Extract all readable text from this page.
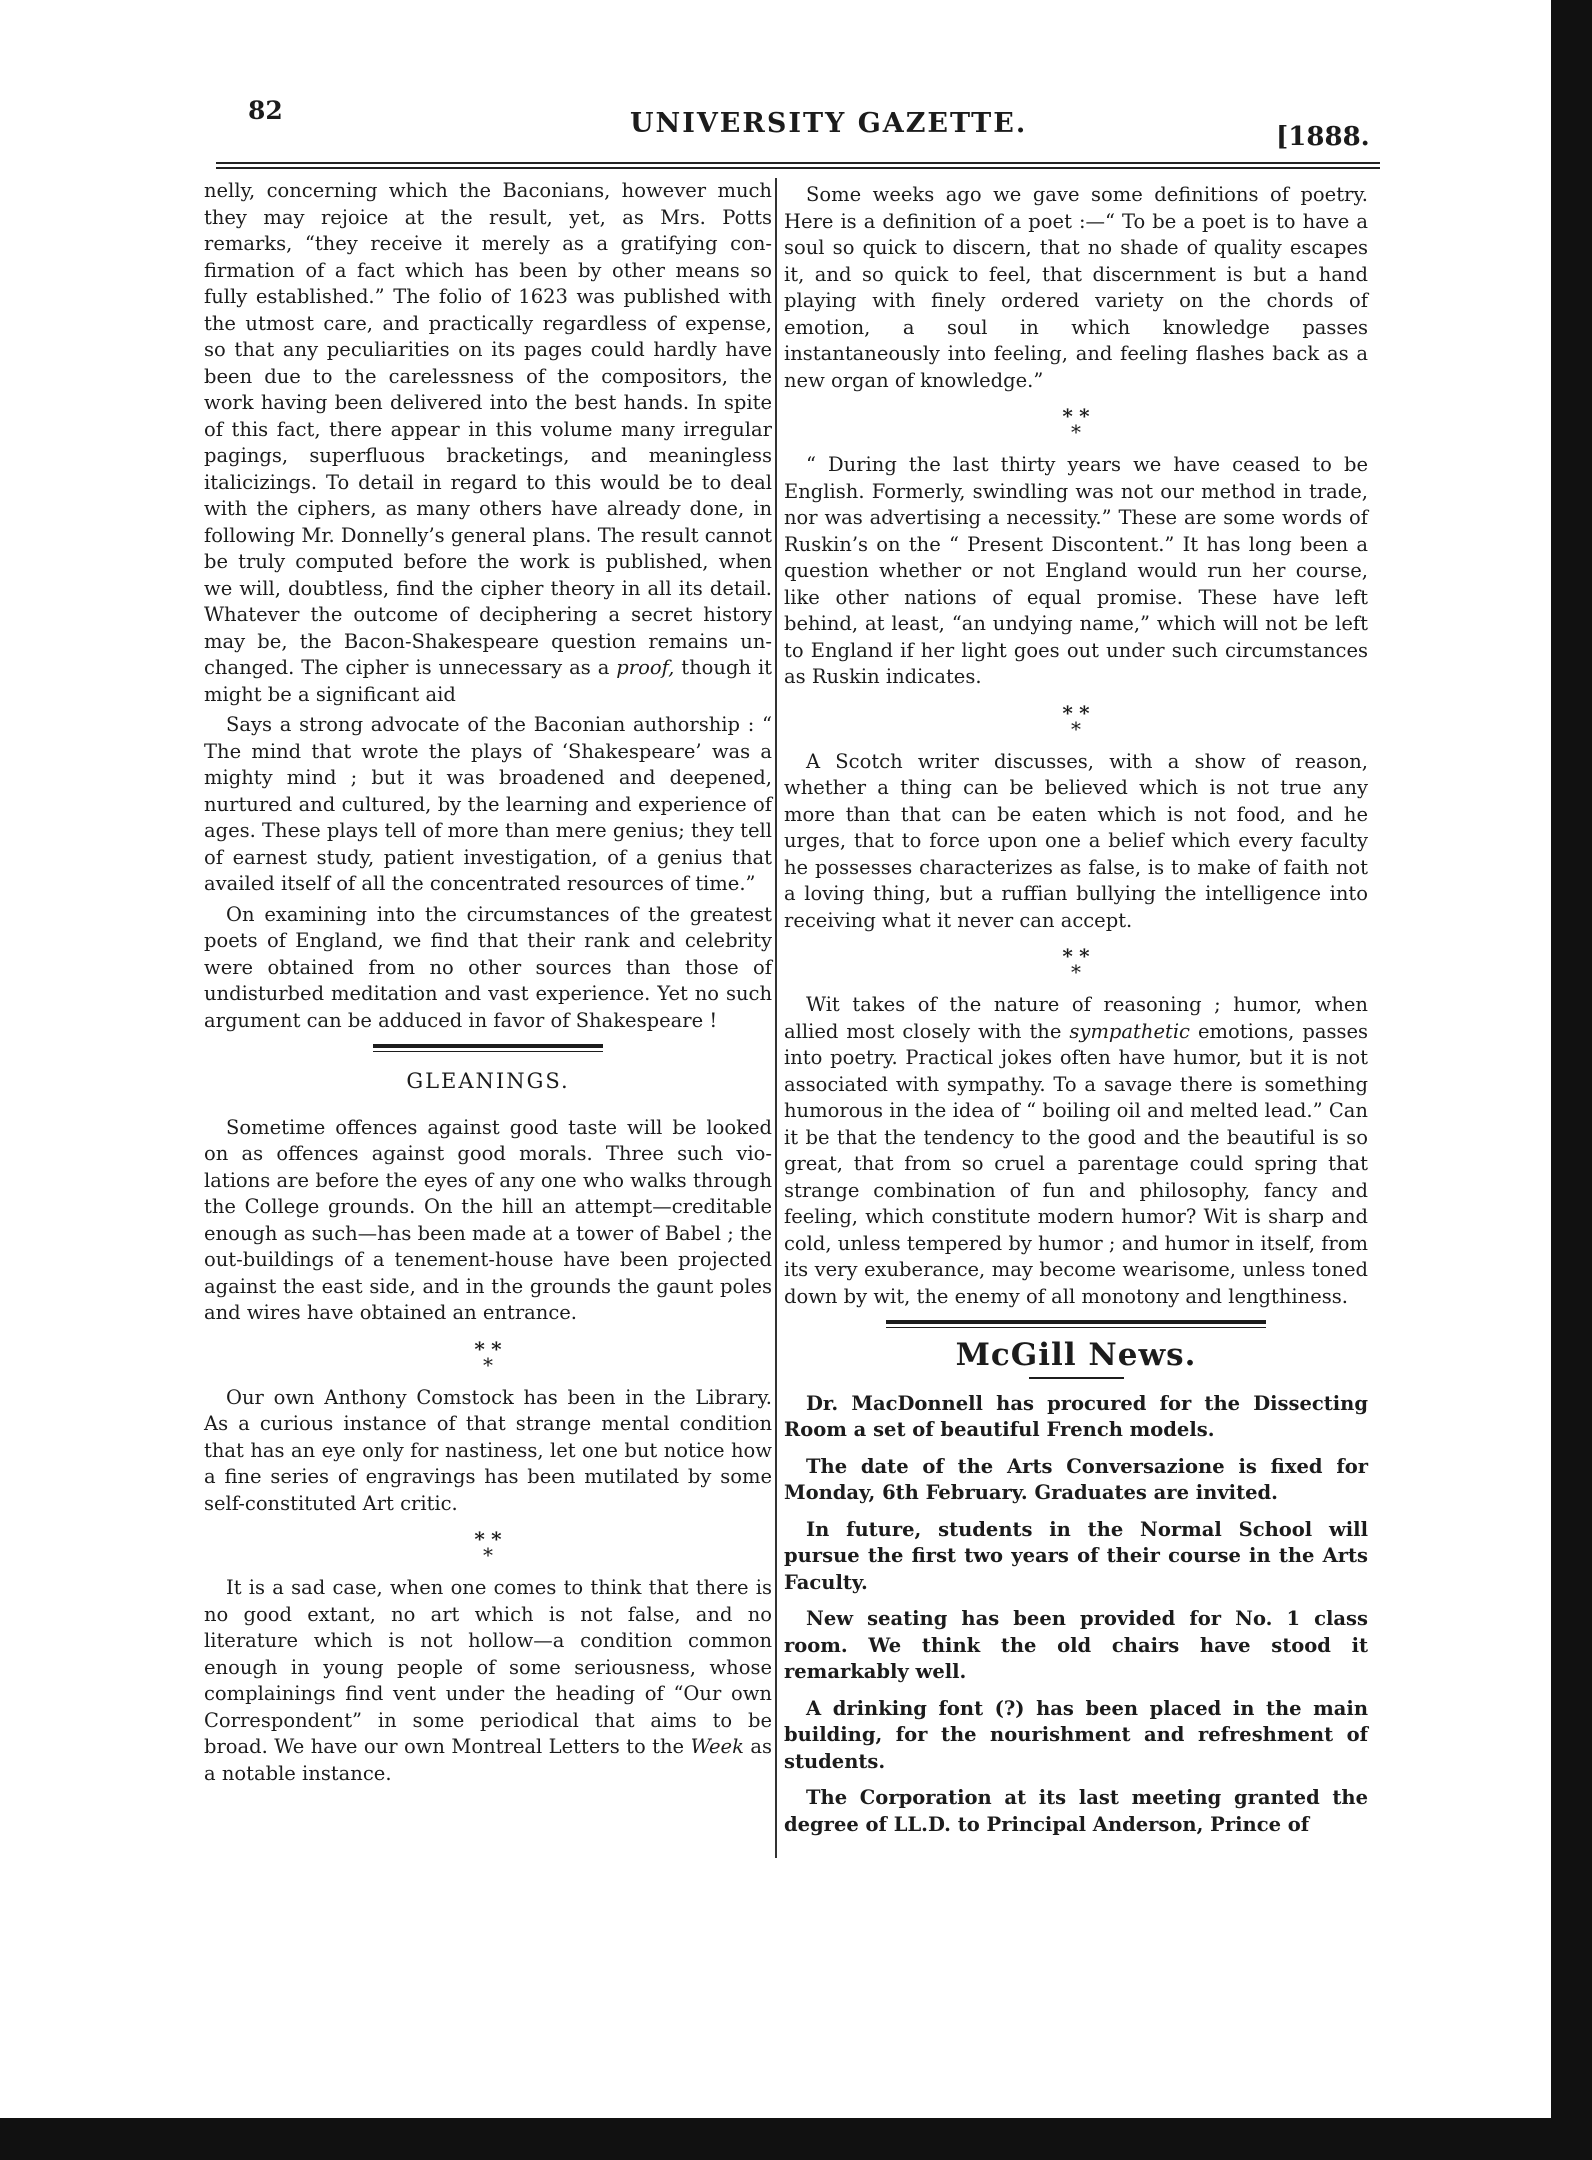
82	UNIVERSITY GAZETTE.	[1888.

nelly, concerning which the Baconians, however much they may rejoice at the result, yet, as Mrs. Potts remarks, “they receive it merely as a gratifying confirmation of a fact which has been by other means so fully established.” The folio of 1623 was published with the utmost care, and practically regardless of expense, so that any peculiarities on its pages could hardly have been due to the carelessness of the compositors, the work having been delivered into the best hands. In spite of this fact, there appear in this volume many irregular pagings, superfluous bracketings, and meaningless italicizings. To detail in regard to this would be to deal with the ciphers, as many others have already done, in following Mr. Donnelly’s general plans. The result cannot be truly computed before the work is published, when we will, doubtless, find the cipher theory in all its detail. Whatever the outcome of deciphering a secret history may be, the Bacon-Shakespeare question remains unchanged. The cipher is unnecessary as a proof, though it might be a significant aid

Says a strong advocate of the Baconian authorship : “ The mind that wrote the plays of ‘Shakespeare’ was a mighty mind ; but it was broadened and deepened, nurtured and cultured, by the learning and experience of ages. These plays tell of more than mere genius; they tell of earnest study, patient investigation, of a genius that availed itself of all the concentrated resources of time.”

On examining into the circumstances of the greatest poets of England, we find that their rank and celebrity were obtained from no other sources than those of undisturbed meditation and vast experience. Yet no such argument can be adduced in favor of Shakespeare !

GLEANINGS.

Sometime offences against good taste will be looked on as offences against good morals. Three such violations are before the eyes of any one who walks through the College grounds. On the hill an attempt—creditable enough as such—has been made at a tower of Babel ; the out-buildings of a tenement-house have been projected against the east side, and in the grounds the gaunt poles and wires have obtained an entrance.

* *
*

Our own Anthony Comstock has been in the Library. As a curious instance of that strange mental condition that has an eye only for nastiness, let one but notice how a fine series of engravings has been mutilated by some self-constituted Art critic.

* *
*

It is a sad case, when one comes to think that there is no good extant, no art which is not false, and no literature which is not hollow—a condition common enough in young people of some seriousness, whose complainings find vent under the heading of “Our own Correspondent” in some periodical that aims to be broad. We have our own Montreal Letters to the Week as a notable instance.

Some weeks ago we gave some definitions of poetry. Here is a definition of a poet :—“ To be a poet is to have a soul so quick to discern, that no shade of quality escapes it, and so quick to feel, that discernment is but a hand playing with finely ordered variety on the chords of emotion, a soul in which knowledge passes instantaneously into feeling, and feeling flashes back as a new organ of knowledge.”

* *
*

“ During the last thirty years we have ceased to be English. Formerly, swindling was not our method in trade, nor was advertising a necessity.” These are some words of Ruskin’s on the “ Present Discontent.” It has long been a question whether or not England would run her course, like other nations of equal promise. These have left behind, at least, “an undying name,” which will not be left to England if her light goes out under such circumstances as Ruskin indicates.

* *
*

A Scotch writer discusses, with a show of reason, whether a thing can be believed which is not true any more than that can be eaten which is not food, and he urges, that to force upon one a belief which every faculty he possesses characterizes as false, is to make of faith not a loving thing, but a ruffian bullying the intelligence into receiving what it never can accept.

* *
*

Wit takes of the nature of reasoning ; humor, when allied most closely with the sympathetic emotions, passes into poetry. Practical jokes often have humor, but it is not associated with sympathy. To a savage there is something humorous in the idea of “ boiling oil and melted lead.” Can it be that the tendency to the good and the beautiful is so great, that from so cruel a parentage could spring that strange combination of fun and philosophy, fancy and feeling, which constitute modern humor? Wit is sharp and cold, unless tempered by humor ; and humor in itself, from its very exuberance, may become wearisome, unless toned down by wit, the enemy of all monotony and lengthiness.

McGill News.

Dr. MacDonnell has procured for the Dissecting Room a set of beautiful French models.

The date of the Arts Conversazione is fixed for Monday, 6th February. Graduates are invited.

In future, students in the Normal School will pursue the first two years of their course in the Arts Faculty.

New seating has been provided for No. 1 class room. We think the old chairs have stood it remarkably well.

A drinking font (?) has been placed in the main building, for the nourishment and refreshment of students.

The Corporation at its last meeting granted the degree of LL.D. to Principal Anderson, Prince of
